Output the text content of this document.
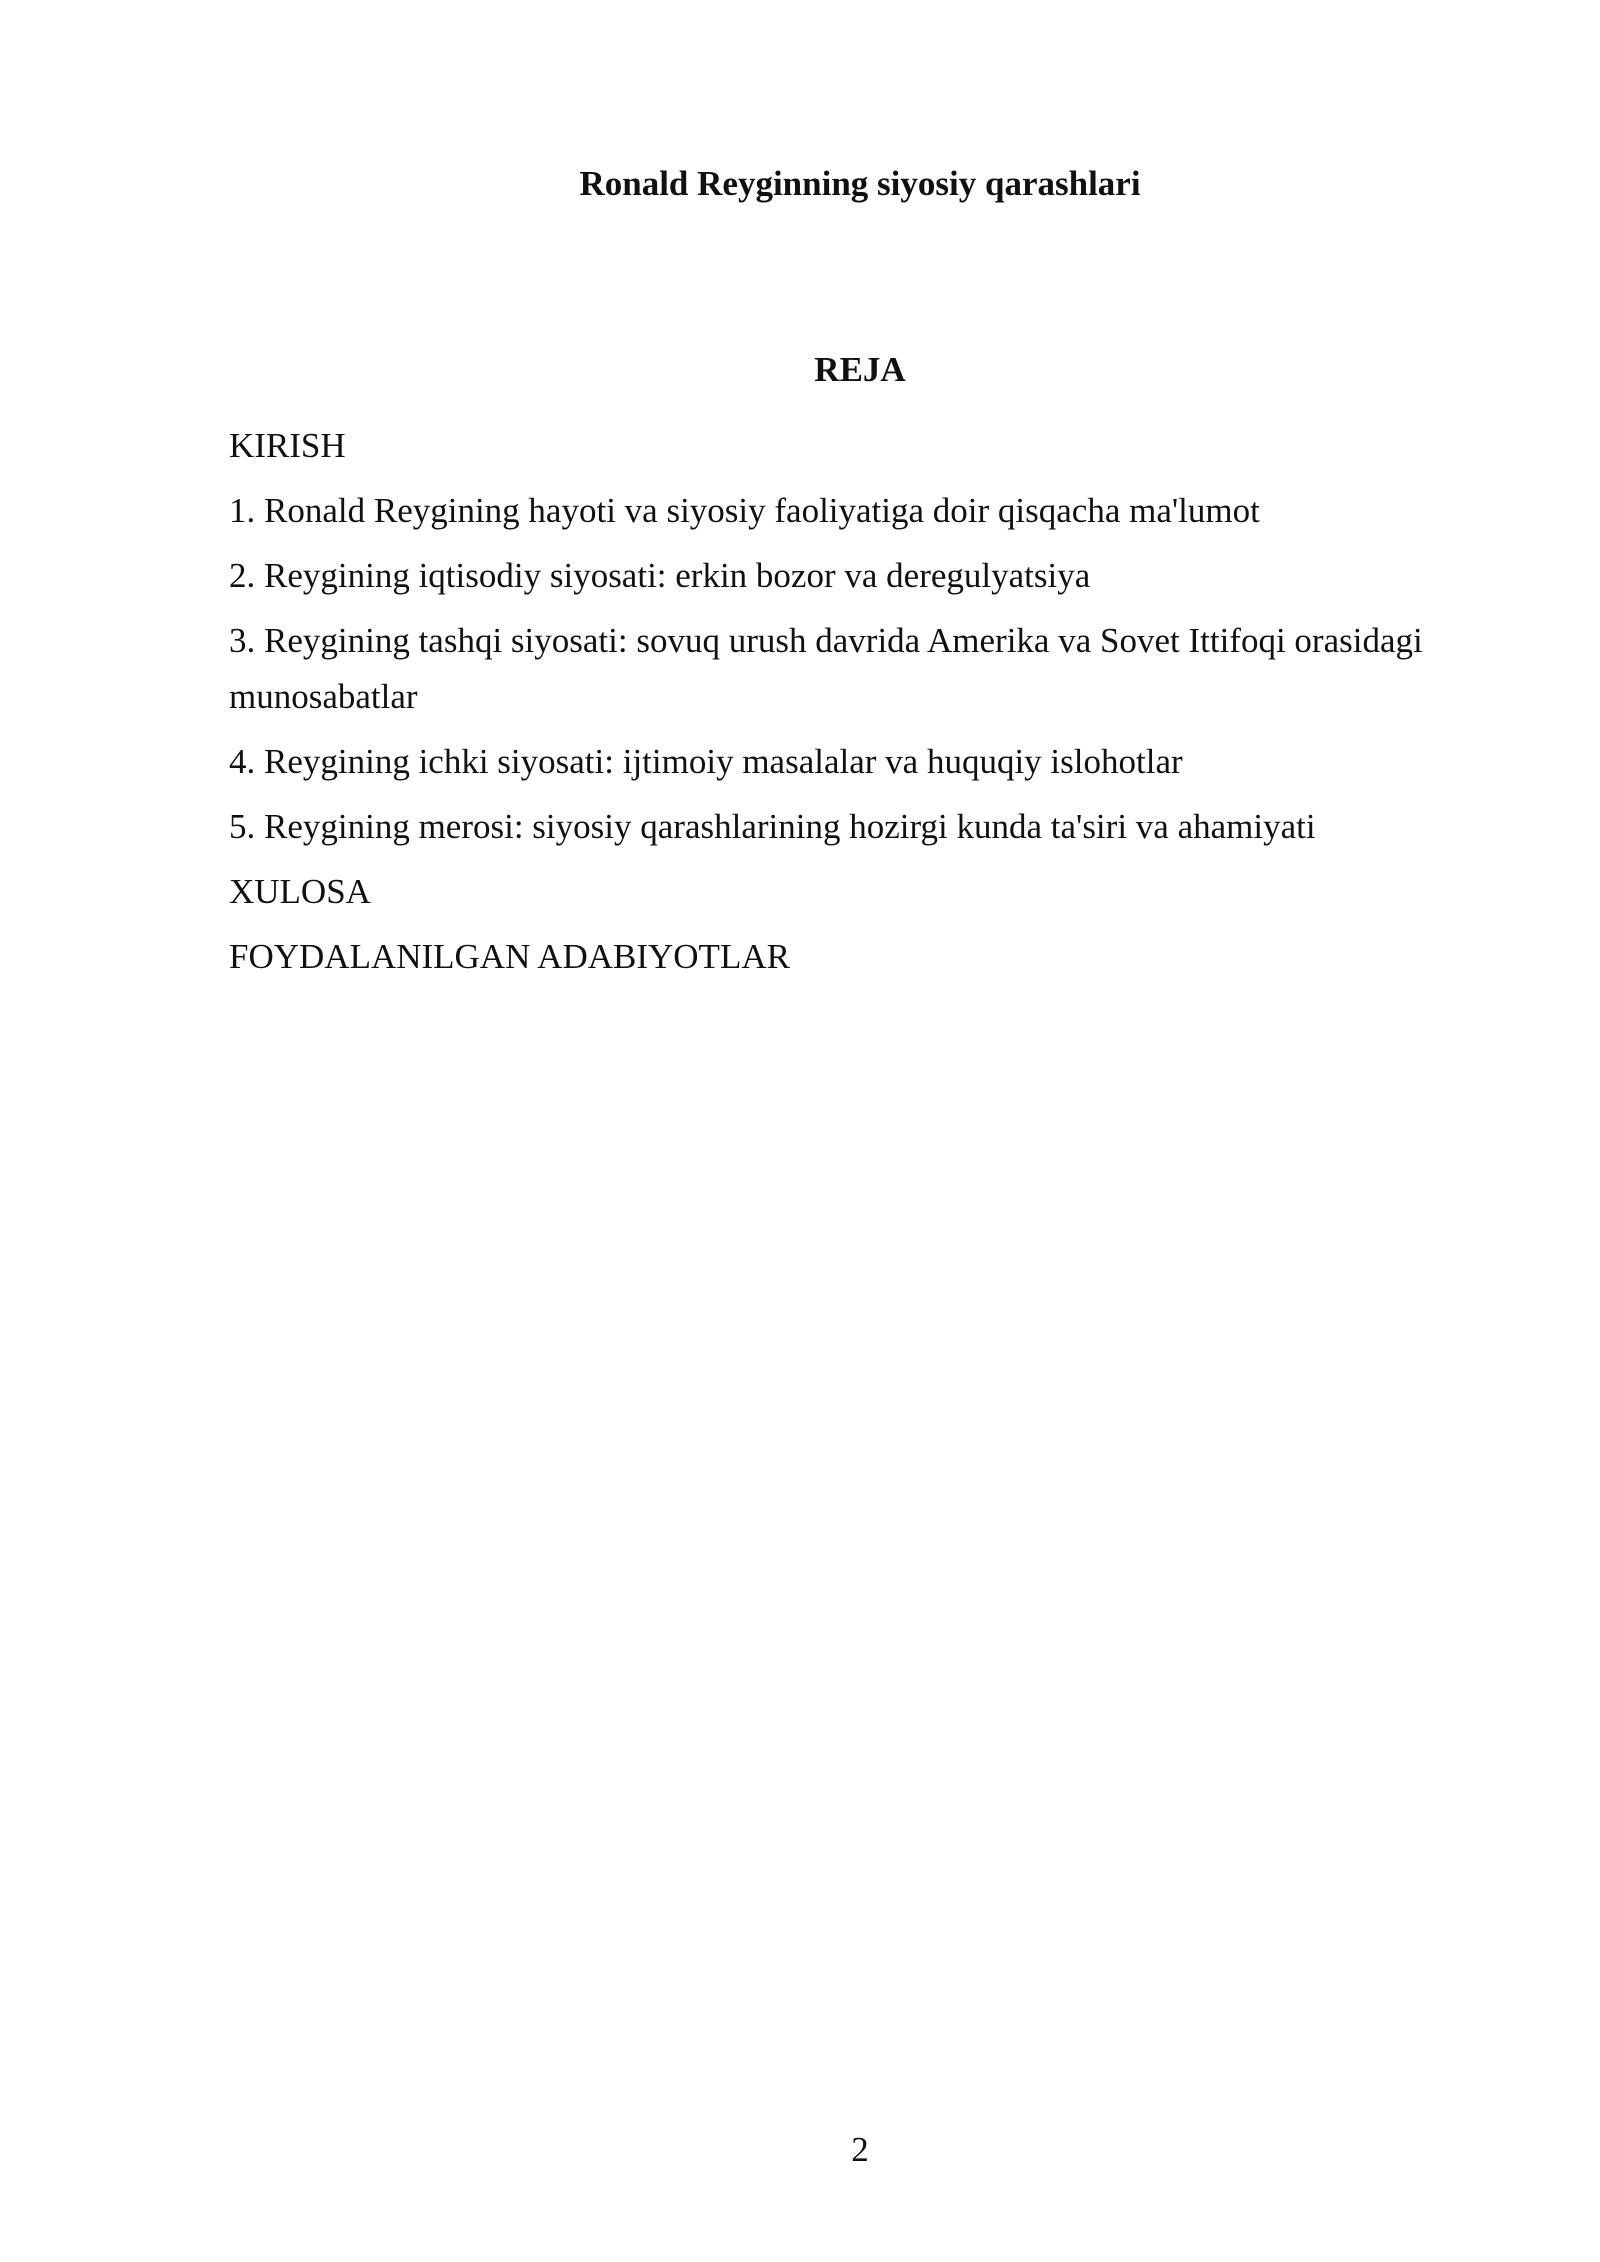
Ronald Reyginning siyosiy qarashlari
REJA
KIRISH
1. Ronald Reygining hayoti va siyosiy faoliyatiga doir qisqacha ma'lumot
2. Reygining iqtisodiy siyosati: erkin bozor va deregulyatsiya
3. Reygining tashqi siyosati: sovuq urush davrida Amerika va Sovet Ittifoqi orasidagi munosabatlar
4. Reygining ichki siyosati: ijtimoiy masalalar va huquqiy islohotlar
5. Reygining merosi: siyosiy qarashlarining hozirgi kunda ta'siri va ahamiyati
XULOSA
FOYDALANILGAN ADABIYOTLAR
2
